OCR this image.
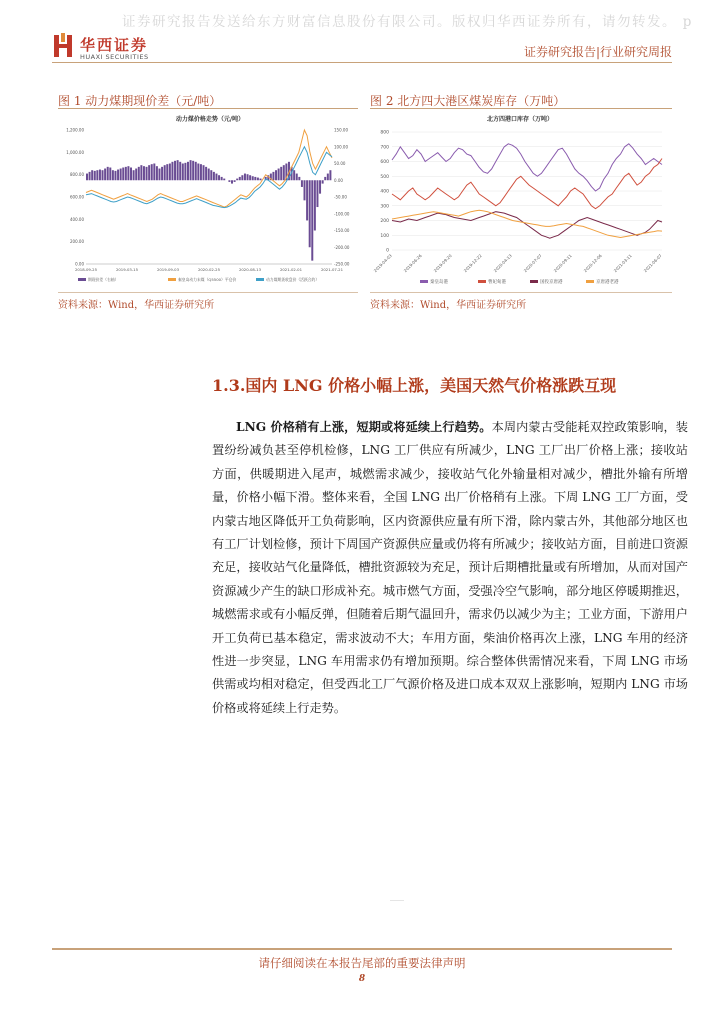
证券研究报告发送给东方财富信息股份有限公司。版权归华西证券所有，请勿转发。 p
华西证券
HUAXI SECURITIES	证券研究报告|行业研究周报
图 1 动力煤期现价差（元/吨）
动力煤价格走势（元/吨）
1,200.00
1,000.00
800.00
600.00
400.00
200.00
0.00
150.00
100.00
50.00
0.00
-50.00
-100.00
-150.00
-200.00
-250.00
2018-09-25	2019-03-15	2019-09-03	2020-02-25	2020-08-13	2021-02-01	2021-07-21
期现价差（右轴）	秦皇岛动力末煤（Q5500）平仓价	动力煤期货收盘价（活跃合约）
资料来源：Wind，华西证券研究所
图 2 北方四大港区煤炭库存（万吨）
北方四港口库存（万吨）
800
700
600
500
400
300
200
100
0
2019-04-03	2019-06-26	2019-09-20	2019-12-22	2020-04-13	2020-07-07	2020-09-11	2020-12-06	2021-03-11	2021-06-07
秦皇岛港	曹妃甸港	国投京唐港	京唐港老港
资料来源：Wind，华西证券研究所
1.3.国内 LNG 价格小幅上涨，美国天然气价格涨跌互现
LNG 价格稍有上涨，短期或将延续上行趋势。本周内蒙古受能耗双控政策影响，装置纷纷减负甚至停机检修，LNG 工厂供应有所减少，LNG 工厂出厂价格上涨；接收站方面，供暖期进入尾声，城燃需求减少，接收站气化外输量相对减少，槽批外输有所增量，价格小幅下滑。整体来看，全国 LNG 出厂价格稍有上涨。下周 LNG 工厂方面，受内蒙古地区降低开工负荷影响，区内资源供应量有所下滑，除内蒙古外，其他部分地区也有工厂计划检修，预计下周国产资源供应量或仍将有所减少；接收站方面，目前进口资源充足，接收站气化量降低，槽批资源较为充足，预计后期槽批量或有所增加，从而对国产资源减少产生的缺口形成补充。城市燃气方面，受强冷空气影响，部分地区停暖期推迟，城燃需求或有小幅反弹，但随着后期气温回升，需求仍以减少为主；工业方面，下游用户开工负荷已基本稳定，需求波动不大；车用方面，柴油价格再次上涨，LNG 车用的经济性进一步突显，LNG 车用需求仍有增加预期。综合整体供需情况来看，下周 LNG 市场供需或均相对稳定，但受西北工厂气源价格及进口成本双双上涨影响，短期内 LNG 市场价格或将延续上行走势。
请仔细阅读在本报告尾部的重要法律声明
8
